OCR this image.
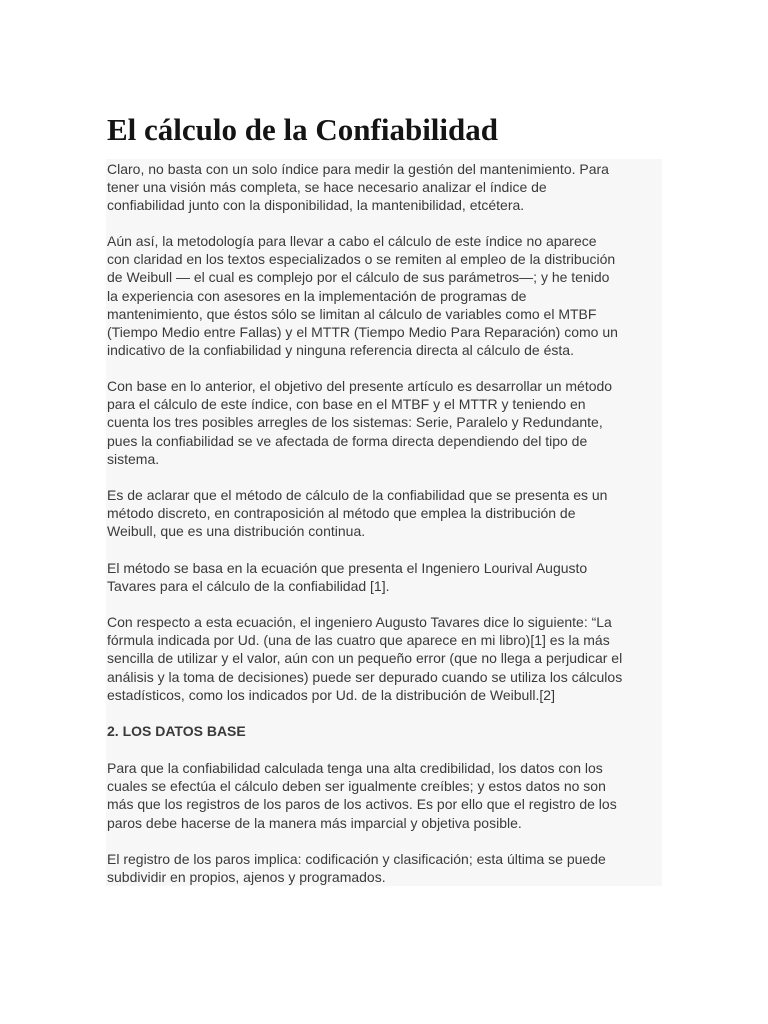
El cálculo de la Confiabilidad

Claro, no basta con un solo índice para medir la gestión del mantenimiento. Para
tener una visión más completa, se hace necesario analizar el índice de
confiabilidad junto con la disponibilidad, la mantenibilidad, etcétera.

Aún así, la metodología para llevar a cabo el cálculo de este índice no aparece
con claridad en los textos especializados o se remiten al empleo de la distribución
de Weibull — el cual es complejo por el cálculo de sus parámetros—; y he tenido
la experiencia con asesores en la implementación de programas de
mantenimiento, que éstos sólo se limitan al cálculo de variables como el MTBF
(Tiempo Medio entre Fallas) y el MTTR (Tiempo Medio Para Reparación) como un
indicativo de la confiabilidad y ninguna referencia directa al cálculo de ésta.

Con base en lo anterior, el objetivo del presente artículo es desarrollar un método
para el cálculo de este índice, con base en el MTBF y el MTTR y teniendo en
cuenta los tres posibles arregles de los sistemas: Serie, Paralelo y Redundante,
pues la confiabilidad se ve afectada de forma directa dependiendo del tipo de
sistema.

Es de aclarar que el método de cálculo de la confiabilidad que se presenta es un
método discreto, en contraposición al método que emplea la distribución de
Weibull, que es una distribución continua.

El método se basa en la ecuación que presenta el Ingeniero Lourival Augusto
Tavares para el cálculo de la confiabilidad [1].

Con respecto a esta ecuación, el ingeniero Augusto Tavares dice lo siguiente: “La
fórmula indicada por Ud. (una de las cuatro que aparece en mi libro)[1] es la más
sencilla de utilizar y el valor, aún con un pequeño error (que no llega a perjudicar el
análisis y la toma de decisiones) puede ser depurado cuando se utiliza los cálculos
estadísticos, como los indicados por Ud. de la distribución de Weibull.[2]

2. LOS DATOS BASE

Para que la confiabilidad calculada tenga una alta credibilidad, los datos con los
cuales se efectúa el cálculo deben ser igualmente creíbles; y estos datos no son
más que los registros de los paros de los activos. Es por ello que el registro de los
paros debe hacerse de la manera más imparcial y objetiva posible.

El registro de los paros implica: codificación y clasificación; esta última se puede
subdividir en propios, ajenos y programados.
